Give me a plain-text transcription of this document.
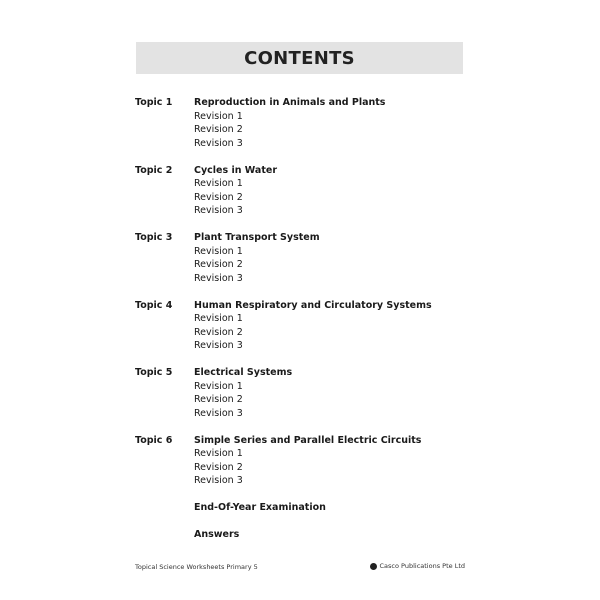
CONTENTS
Topic 1 Reproduction in Animals and Plants
Revision 1
Revision 2
Revision 3
Topic 2 Cycles in Water
Revision 1
Revision 2
Revision 3
Topic 3 Plant Transport System
Revision 1
Revision 2
Revision 3
Topic 4 Human Respiratory and Circulatory Systems
Revision 1
Revision 2
Revision 3
Topic 5 Electrical Systems
Revision 1
Revision 2
Revision 3
Topic 6 Simple Series and Parallel Electric Circuits
Revision 1
Revision 2
Revision 3
End-Of-Year Examination
Answers
Topical Science Worksheets Primary 5	Casco Publications Pte Ltd
